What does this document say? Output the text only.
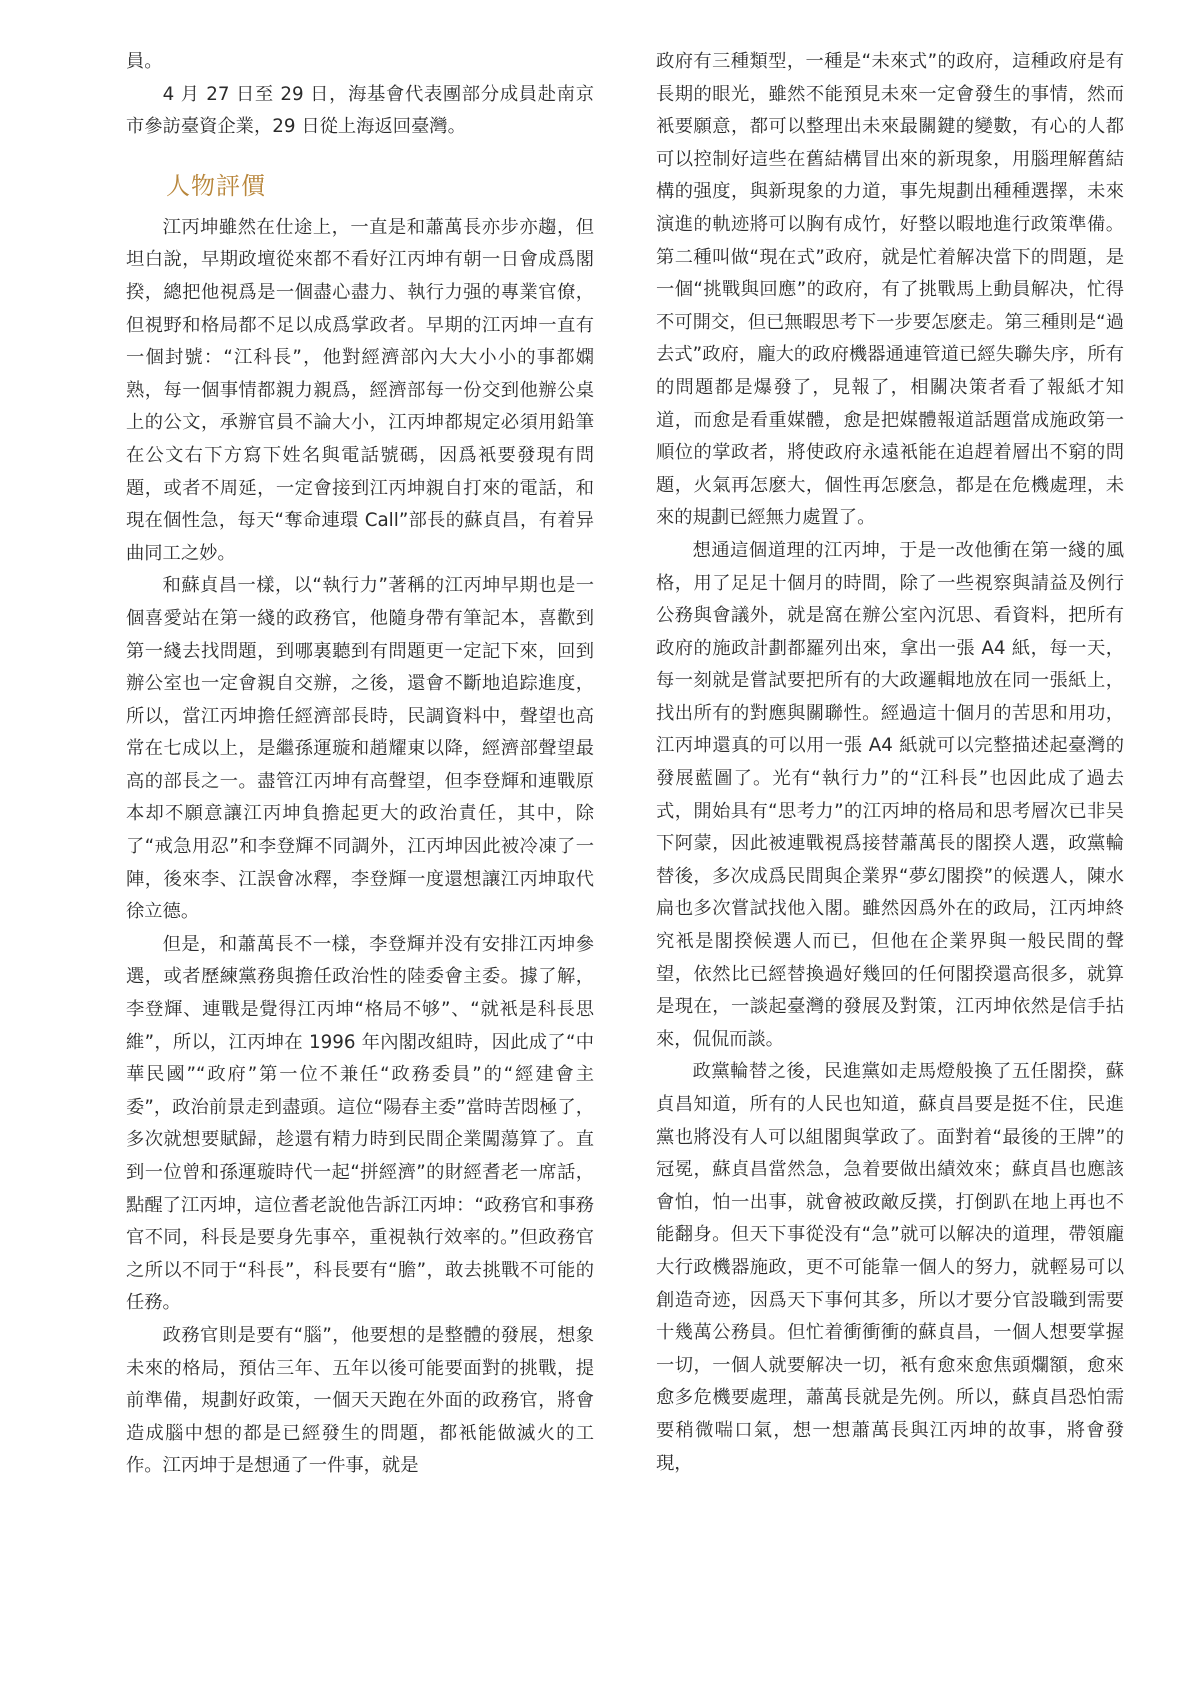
員。

4 月 27 日至 29 日，海基會代表團部分成員赴南京市參訪臺資企業，29 日從上海返回臺灣。

人物評價

江丙坤雖然在仕途上，一直是和蕭萬長亦步亦趨，但坦白說，早期政壇從來都不看好江丙坤有朝一日會成爲閣揆，總把他視爲是一個盡心盡力、執行力强的專業官僚，但視野和格局都不足以成爲掌政者。早期的江丙坤一直有一個封號：“江科長”，他對經濟部內大大小小的事都嫻熟，每一個事情都親力親爲，經濟部每一份交到他辦公桌上的公文，承辦官員不論大小，江丙坤都規定必須用鉛筆在公文右下方寫下姓名與電話號碼，因爲衹要發現有問題，或者不周延，一定會接到江丙坤親自打來的電話，和現在個性急，每天“奪命連環 Call”部長的蘇貞昌，有着异曲同工之妙。

和蘇貞昌一樣，以“執行力”著稱的江丙坤早期也是一個喜愛站在第一綫的政務官，他隨身帶有筆記本，喜歡到第一綫去找問題，到哪裏聽到有問題更一定記下來，回到辦公室也一定會親自交辦，之後，還會不斷地追踪進度，所以，當江丙坤擔任經濟部長時，民調資料中，聲望也高常在七成以上，是繼孫運璇和趙耀東以降，經濟部聲望最高的部長之一。盡管江丙坤有高聲望，但李登輝和連戰原本却不願意讓江丙坤負擔起更大的政治責任，其中，除了“戒急用忍”和李登輝不同調外，江丙坤因此被冷凍了一陣，後來李、江誤會冰釋，李登輝一度還想讓江丙坤取代徐立德。

但是，和蕭萬長不一樣，李登輝并没有安排江丙坤參選，或者歷練黨務與擔任政治性的陸委會主委。據了解，李登輝、連戰是覺得江丙坤“格局不够”、“就衹是科長思維”，所以，江丙坤在 1996 年內閣改組時，因此成了“中華民國”“政府”第一位不兼任“政務委員”的“經建會主委”，政治前景走到盡頭。這位“陽春主委”當時苦悶極了，多次就想要賦歸，趁還有精力時到民間企業闖蕩算了。直到一位曾和孫運璇時代一起“拼經濟”的財經耆老一席話，點醒了江丙坤，這位耆老說他告訴江丙坤：“政務官和事務官不同，科長是要身先事卒，重視執行效率的。”但政務官之所以不同于“科長”，科長要有“膽”，敢去挑戰不可能的任務。

政務官則是要有“腦”，他要想的是整體的發展，想象未來的格局，預估三年、五年以後可能要面對的挑戰，提前準備，規劃好政策，一個天天跑在外面的政務官，將會造成腦中想的都是已經發生的問題，都衹能做滅火的工作。江丙坤于是想通了一件事，就是

政府有三種類型，一種是“未來式”的政府，這種政府是有長期的眼光，雖然不能預見未來一定會發生的事情，然而衹要願意，都可以整理出未來最關鍵的變數，有心的人都可以控制好這些在舊結構冒出來的新現象，用腦理解舊結構的强度，與新現象的力道，事先規劃出種種選擇，未來演進的軌迹將可以胸有成竹，好整以暇地進行政策準備。第二種叫做“現在式”政府，就是忙着解决當下的問題，是一個“挑戰與回應”的政府，有了挑戰馬上動員解决，忙得不可開交，但已無暇思考下一步要怎麽走。第三種則是“過去式”政府，龐大的政府機器通連管道已經失聯失序，所有的問題都是爆發了，見報了，相關决策者看了報紙才知道，而愈是看重媒體，愈是把媒體報道話題當成施政第一順位的掌政者，將使政府永遠衹能在追趕着層出不窮的問題，火氣再怎麽大，個性再怎麽急，都是在危機處理，未來的規劃已經無力處置了。

想通這個道理的江丙坤，于是一改他衝在第一綫的風格，用了足足十個月的時間，除了一些視察與請益及例行公務與會議外，就是窩在辦公室內沉思、看資料，把所有政府的施政計劃都羅列出來，拿出一張 A4 紙，每一天，每一刻就是嘗試要把所有的大政邏輯地放在同一張紙上，找出所有的對應與關聯性。經過這十個月的苦思和用功，江丙坤還真的可以用一張 A4 紙就可以完整描述起臺灣的發展藍圖了。光有“執行力”的“江科長”也因此成了過去式，開始具有“思考力”的江丙坤的格局和思考層次已非吴下阿蒙，因此被連戰視爲接替蕭萬長的閣揆人選，政黨輪替後，多次成爲民間與企業界“夢幻閣揆”的候選人，陳水扁也多次嘗試找他入閣。雖然因爲外在的政局，江丙坤終究衹是閣揆候選人而已，但他在企業界與一般民間的聲望，依然比已經替換過好幾回的任何閣揆還高很多，就算是現在，一談起臺灣的發展及對策，江丙坤依然是信手拈來，侃侃而談。

政黨輪替之後，民進黨如走馬燈般換了五任閣揆，蘇貞昌知道，所有的人民也知道，蘇貞昌要是挺不住，民進黨也將没有人可以組閣與掌政了。面對着“最後的王牌”的冠冕，蘇貞昌當然急，急着要做出績效來；蘇貞昌也應該會怕，怕一出事，就會被政敵反撲，打倒趴在地上再也不能翻身。但天下事從没有“急”就可以解决的道理，帶領龐大行政機器施政，更不可能靠一個人的努力，就輕易可以創造奇迹，因爲天下事何其多，所以才要分官設職到需要十幾萬公務員。但忙着衝衝衝的蘇貞昌，一個人想要掌握一切，一個人就要解决一切，衹有愈來愈焦頭爛額，愈來愈多危機要處理，蕭萬長就是先例。所以，蘇貞昌恐怕需要稍微喘口氣，想一想蕭萬長與江丙坤的故事，將會發現，
